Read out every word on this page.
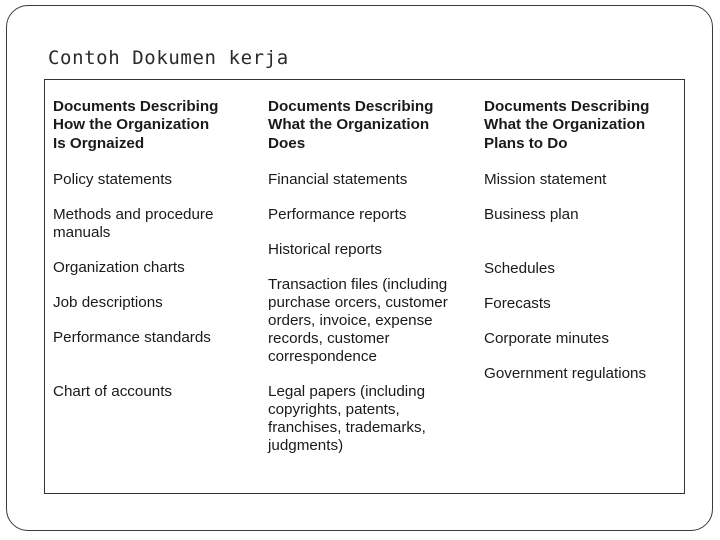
Contoh Dokumen kerja
Documents Describing
How the Organization
Is Orgnaized
Policy statements
Methods and procedure
manuals
Organization charts
Job descriptions
Performance standards
Chart of accounts
Documents Describing
What the Organization
Does
Financial statements
Performance reports
Historical reports
Transaction files (including
purchase orcers, customer
orders, invoice, expense
records, customer
correspondence
Legal papers (including
copyrights, patents,
franchises, trademarks,
judgments)
Documents Describing
What the Organization
Plans to Do
Mission statement
Business plan
Schedules
Forecasts
Corporate minutes
Government regulations
